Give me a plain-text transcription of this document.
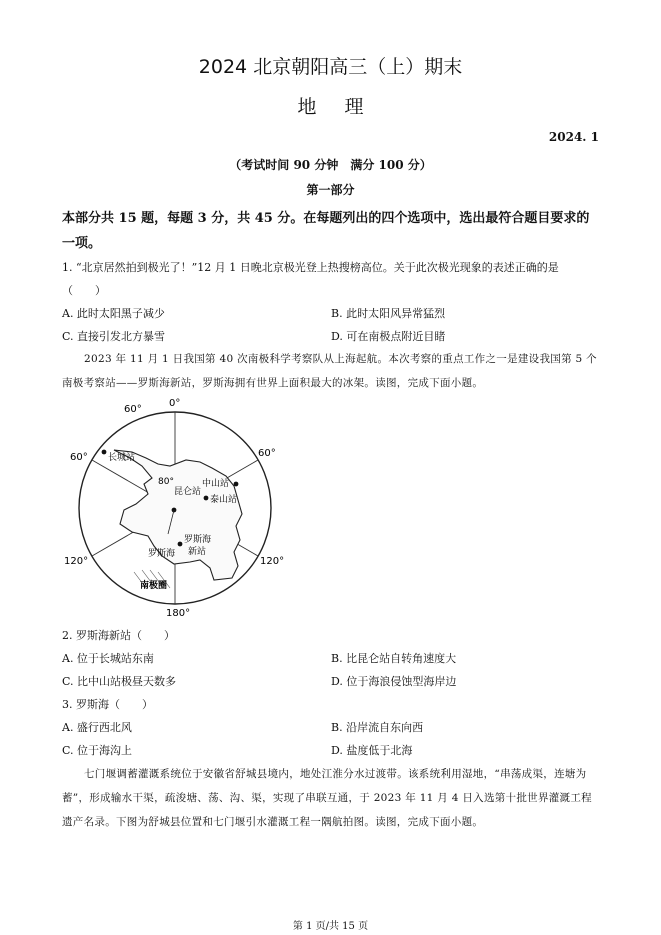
2024 北京朝阳高三（上）期末
地理
2024. 1
（考试时间 90 分钟　满分 100 分）
第一部分
本部分共 15 题，每题 3 分，共 45 分。在每题列出的四个选项中，选出最符合题目要求的一项。
1. “北京居然拍到极光了！”12 月 1 日晚北京极光登上热搜榜高位。关于此次极光现象的表述正确的是
（　　）
A. 此时太阳黑子减少	B. 此时太阳风异常猛烈
C. 直接引发北方暴雪	D. 可在南极点附近目睹
2023 年 11 月 1 日我国第 40 次南极科学考察队从上海起航。本次考察的重点工作之一是建设我国第 5 个南极考察站——罗斯海新站，罗斯海拥有世界上面积最大的冰架。读图，完成下面小题。
0°
60°
60°	60°
120°	120°
180°
80°
长城站
昆仑站
中山站
泰山站
罗斯海
罗斯海
新站
南极圈
2. 罗斯海新站（　　）
A. 位于长城站东南	B. 比昆仑站自转角速度大
C. 比中山站极昼天数多	D. 位于海浪侵蚀型海岸边
3. 罗斯海（　　）
A. 盛行西北风	B. 沿岸流自东向西
C. 位于海沟上	D. 盐度低于北海
七门堰调蓄灌溉系统位于安徽省舒城县境内，地处江淮分水过渡带。该系统利用湿地，“串荡成渠，连塘为蓄”，形成输水干渠，疏浚塘、荡、沟、渠，实现了串联互通，于 2023 年 11 月 4 日入选第十批世界灌溉工程遗产名录。下图为舒城县位置和七门堰引水灌溉工程一隅航拍图。读图，完成下面小题。
第 1 页/共 15 页
